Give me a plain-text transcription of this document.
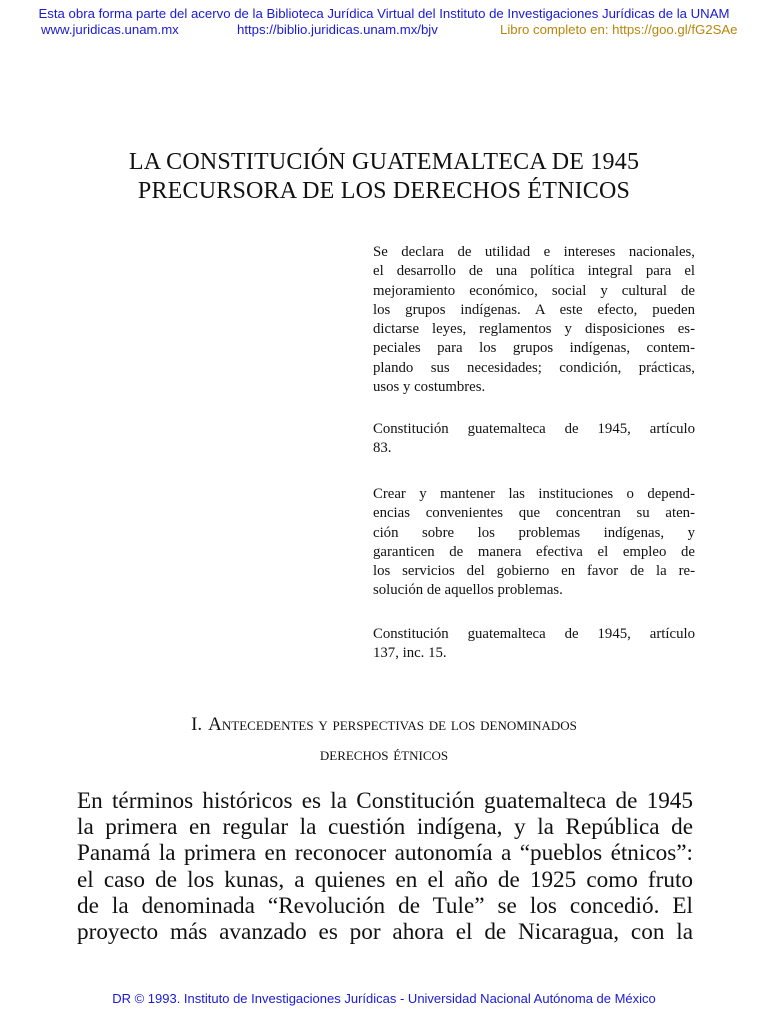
Esta obra forma parte del acervo de la Biblioteca Jurídica Virtual del Instituto de Investigaciones Jurídicas de la UNAM
www.juridicas.unam.mx	https://biblio.juridicas.unam.mx/bjv	Libro completo en: https://goo.gl/fG2SAe
LA CONSTITUCIÓN GUATEMALTECA DE 1945
PRECURSORA DE LOS DERECHOS ÉTNICOS
Se declara de utilidad e intereses nacionales,
el desarrollo de una política integral para el
mejoramiento económico, social y cultural de
los grupos indígenas. A este efecto, pueden
dictarse leyes, reglamentos y disposiciones es-
peciales para los grupos indígenas, contem-
plando sus necesidades; condición, prácticas,
usos y costumbres.
Constitución guatemalteca de 1945, artículo
83.
Crear y mantener las instituciones o depend-
encias convenientes que concentran su aten-
ción sobre los problemas indígenas, y
garanticen de manera efectiva el empleo de
los servicios del gobierno en favor de la re-
solución de aquellos problemas.
Constitución guatemalteca de 1945, artículo
137, inc. 15.
I. Antecedentes y perspectivas de los denominados
derechos étnicos
En términos históricos es la Constitución guatemalteca de 1945
la primera en regular la cuestión indígena, y la República de
Panamá la primera en reconocer autonomía a “pueblos étnicos”:
el caso de los kunas, a quienes en el año de 1925 como fruto
de la denominada “Revolución de Tule” se los concedió. El
proyecto más avanzado es por ahora el de Nicaragua, con la
DR © 1993. Instituto de Investigaciones Jurídicas - Universidad Nacional Autónoma de México
